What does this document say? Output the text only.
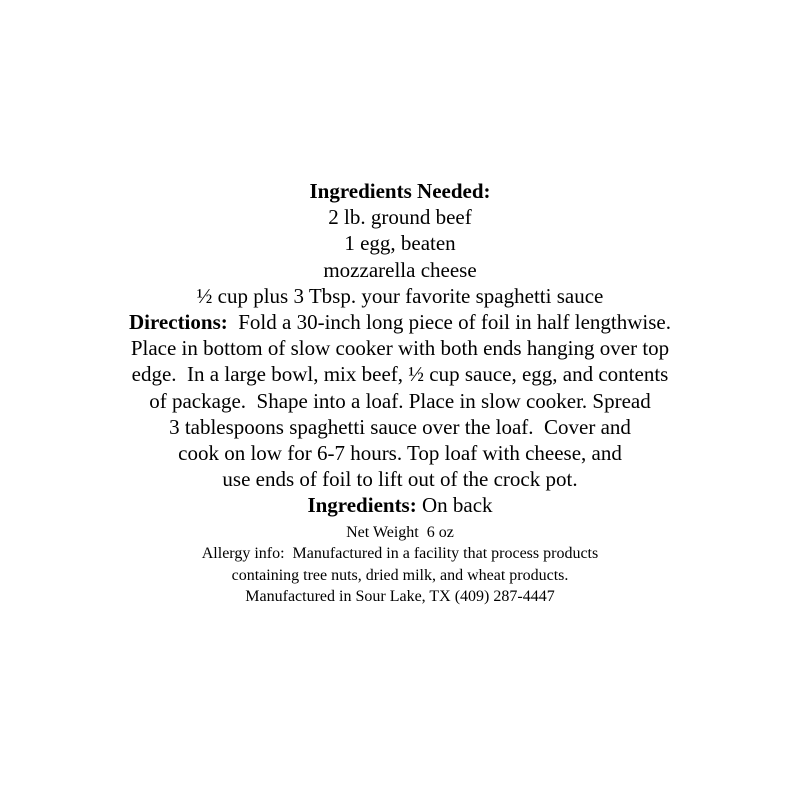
Ingredients Needed:
2 lb. ground beef
1 egg, beaten
mozzarella cheese
½ cup plus 3 Tbsp. your favorite spaghetti sauce
Directions: Fold a 30-inch long piece of foil in half lengthwise.
Place in bottom of slow cooker with both ends hanging over top
edge.  In a large bowl, mix beef, ½ cup sauce, egg, and contents
of package.  Shape into a loaf. Place in slow cooker. Spread
3 tablespoons spaghetti sauce over the loaf.  Cover and
cook on low for 6-7 hours. Top loaf with cheese, and
use ends of foil to lift out of the crock pot.
Ingredients: On back
Net Weight  6 oz
Allergy info:  Manufactured in a facility that process products
containing tree nuts, dried milk, and wheat products.
Manufactured in Sour Lake, TX (409) 287-4447
